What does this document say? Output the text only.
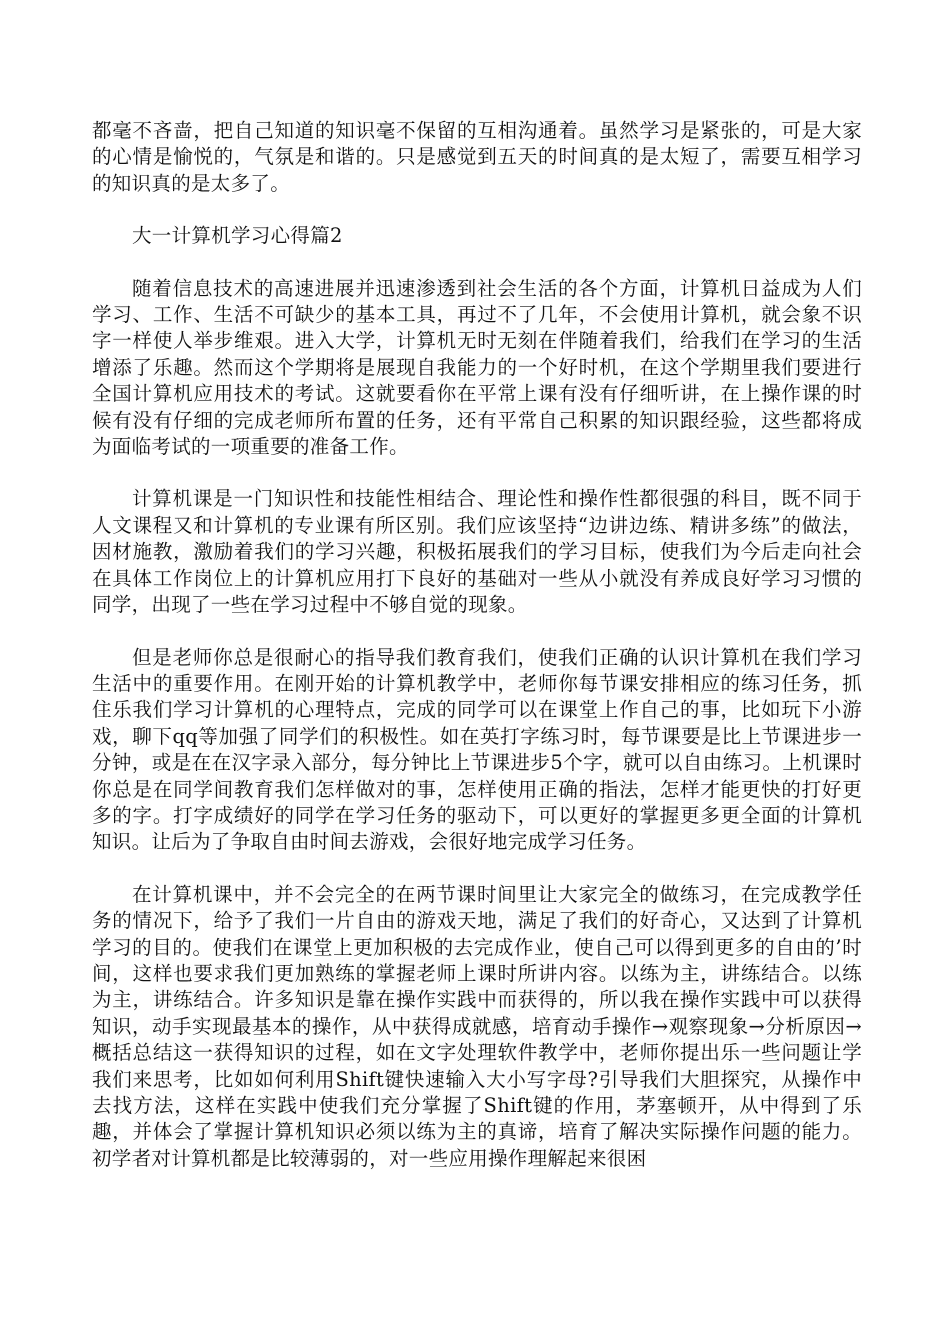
都毫不吝啬，把自己知道的知识毫不保留的互相沟通着。虽然学习是紧张的，可是大家的心情是愉悦的，气氛是和谐的。只是感觉到五天的时间真的是太短了，需要互相学习的知识真的是太多了。

大一计算机学习心得篇2

随着信息技术的高速进展并迅速渗透到社会生活的各个方面，计算机日益成为人们学习、工作、生活不可缺少的基本工具，再过不了几年，不会使用计算机，就会象不识字一样使人举步维艰。进入大学，计算机无时无刻在伴随着我们，给我们在学习的生活增添了乐趣。然而这个学期将是展现自我能力的一个好时机，在这个学期里我们要进行全国计算机应用技术的考试。这就要看你在平常上课有没有仔细听讲，在上操作课的时候有没有仔细的完成老师所布置的任务，还有平常自己积累的知识跟经验，这些都将成为面临考试的一项重要的准备工作。

计算机课是一门知识性和技能性相结合、理论性和操作性都很强的科目，既不同于人文课程又和计算机的专业课有所区别。我们应该坚持“边讲边练、精讲多练”的做法，因材施教，激励着我们的学习兴趣，积极拓展我们的学习目标，使我们为今后走向社会在具体工作岗位上的计算机应用打下良好的基础对一些从小就没有养成良好学习习惯的同学，出现了一些在学习过程中不够自觉的现象。

但是老师你总是很耐心的指导我们教育我们，使我们正确的认识计算机在我们学习生活中的重要作用。在刚开始的计算机教学中，老师你每节课安排相应的练习任务，抓住乐我们学习计算机的心理特点，完成的同学可以在课堂上作自己的事，比如玩下小游戏，聊下qq等加强了同学们的积极性。如在英打字练习时，每节课要是比上节课进步一分钟，或是在在汉字录入部分，每分钟比上节课进步5个字，就可以自由练习。上机课时你总是在同学间教育我们怎样做对的事，怎样使用正确的指法，怎样才能更快的打好更多的字。打字成绩好的同学在学习任务的驱动下，可以更好的掌握更多更全面的计算机知识。让后为了争取自由时间去游戏，会很好地完成学习任务。

在计算机课中，并不会完全的在两节课时间里让大家完全的做练习，在完成教学任务的情况下，给予了我们一片自由的游戏天地，满足了我们的好奇心，又达到了计算机学习的目的。使我们在课堂上更加积极的去完成作业，使自己可以得到更多的自由的’时间，这样也要求我们更加熟练的掌握老师上课时所讲内容。以练为主，讲练结合。以练为主，讲练结合。许多知识是靠在操作实践中而获得的，所以我在操作实践中可以获得知识，动手实现最基本的操作，从中获得成就感，培育动手操作→观察现象→分析原因→概括总结这一获得知识的过程，如在文字处理软件教学中，老师你提出乐一些问题让学我们来思考，比如如何利用Shift键快速输入大小写字母?引导我们大胆探究，从操作中去找方法，这样在实践中使我们充分掌握了Shift键的作用，茅塞顿开，从中得到了乐趣，并体会了掌握计算机知识必须以练为主的真谛，培育了解决实际操作问题的能力。初学者对计算机都是比较薄弱的，对一些应用操作理解起来很困
